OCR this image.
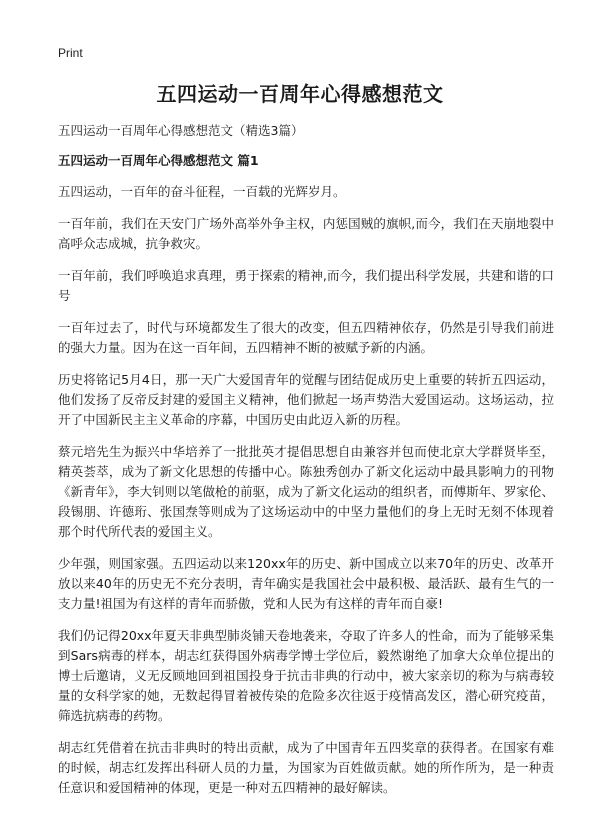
Print
五四运动一百周年心得感想范文

五四运动一百周年心得感想范文（精选3篇）

五四运动一百周年心得感想范文 篇1

五四运动，一百年的奋斗征程，一百载的光辉岁月。

一百年前，我们在天安门广场外高举外争主权，内惩国贼的旗帜,而今，我们在天崩地裂中高呼众志成城，抗争救灾。

一百年前，我们呼唤追求真理，勇于探索的精神,而今，我们提出科学发展，共建和谐的口号

一百年过去了，时代与环境都发生了很大的改变，但五四精神依存，仍然是引导我们前进的强大力量。因为在这一百年间，五四精神不断的被赋予新的内涵。

历史将铭记5月4日，那一天广大爱国青年的觉醒与团结促成历史上重要的转折五四运动，他们发扬了反帝反封建的爱国主义精神，他们掀起一场声势浩大爱国运动。这场运动，拉开了中国新民主主义革命的序幕，中国历史由此迈入新的历程。

蔡元培先生为振兴中华培养了一批批英才提倡思想自由兼容并包而使北京大学群贤毕至，精英荟萃，成为了新文化思想的传播中心。陈独秀创办了新文化运动中最具影响力的刊物《新青年》，李大钊则以笔做枪的前驱，成为了新文化运动的组织者，而傅斯年、罗家伦、段锡朋、许德珩、张国焘等则成为了这场运动中的中坚力量他们的身上无时无刻不体现着那个时代所代表的爱国主义。

少年强，则国家强。五四运动以来120xx年的历史、新中国成立以来70年的历史、改革开放以来40年的历史无不充分表明，青年确实是我国社会中最积极、最活跃、最有生气的一支力量!祖国为有这样的青年而骄傲，党和人民为有这样的青年而自豪!

我们仍记得20xx年夏天非典型肺炎铺天卷地袭来，夺取了许多人的性命，而为了能够采集到Sars病毒的样本，胡志红获得国外病毒学博士学位后，毅然谢绝了加拿大众单位提出的博士后邀请，义无反顾地回到祖国投身于抗击非典的行动中，被大家亲切的称为与病毒较量的女科学家的她，无数起得冒着被传染的危险多次往返于疫情高发区，潜心研究疫苗，筛选抗病毒的药物。

胡志红凭借着在抗击非典时的特出贡献，成为了中国青年五四奖章的获得者。在国家有难的时候，胡志红发挥出科研人员的力量，为国家为百姓做贡献。她的所作所为，是一种责任意识和爱国精神的体现，更是一种对五四精神的最好解读。
